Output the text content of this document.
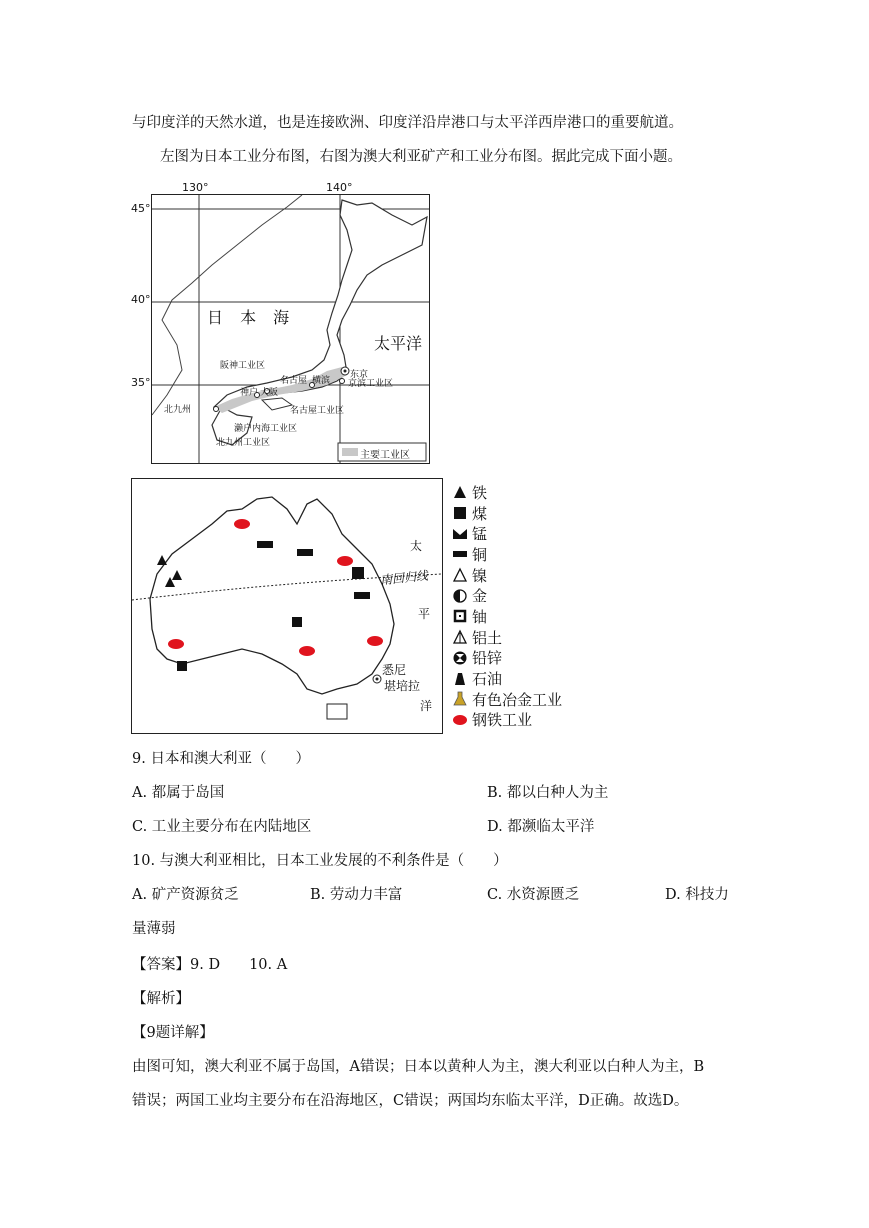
与印度洋的天然水道，也是连接欧洲、印度洋沿岸港口与太平洋西岸港口的重要航道。
左图为日本工业分布图，右图为澳大利亚矿产和工业分布图。据此完成下面小题。
130°	140°
日 本 海
太平洋
阪神工业区
名古屋 横滨
东京
京滨工业区
神户 大阪
北九州	名古屋工业区
濑户内海工业区
北九州工业区
主要工业区
45°
40°
35°
太
平
洋
南回归线
悉尼
堪培拉
铁
煤
锰
铜
镍
金
铀
铝土
铅锌
石油
有色冶金工业
钢铁工业
9. 日本和澳大利亚（　　）
A. 都属于岛国	B. 都以白种人为主
C. 工业主要分布在内陆地区	D. 都濒临太平洋
10. 与澳大利亚相比，日本工业发展的不利条件是（　　）
A. 矿产资源贫乏	B. 劳动力丰富	C. 水资源匮乏	D. 科技力
量薄弱
【答案】9. D　　10. A
【解析】
【9题详解】
由图可知，澳大利亚不属于岛国，A错误；日本以黄种人为主，澳大利亚以白种人为主，B
错误；两国工业均主要分布在沿海地区，C错误；两国均东临太平洋，D正确。故选D。
